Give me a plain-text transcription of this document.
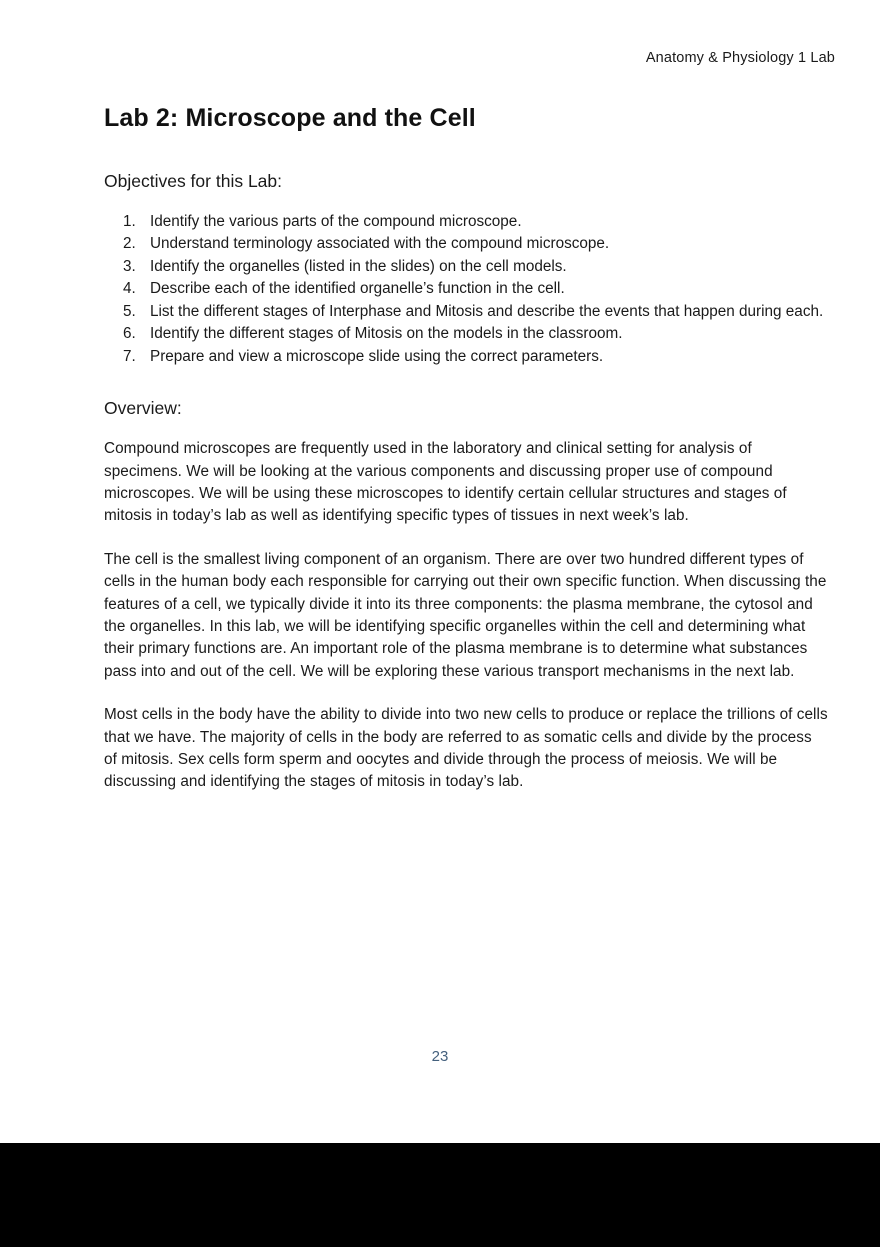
Anatomy & Physiology 1 Lab
Lab 2: Microscope and the Cell
Objectives for this Lab:
1. Identify the various parts of the compound microscope.
2. Understand terminology associated with the compound microscope.
3. Identify the organelles (listed in the slides) on the cell models.
4. Describe each of the identified organelle’s function in the cell.
5. List the different stages of Interphase and Mitosis and describe the events that happen during each.
6. Identify the different stages of Mitosis on the models in the classroom.
7. Prepare and view a microscope slide using the correct parameters.
Overview:

Compound microscopes are frequently used in the laboratory and clinical setting for analysis of specimens. We will be looking at the various components and discussing proper use of compound microscopes. We will be using these microscopes to identify certain cellular structures and stages of mitosis in today’s lab as well as identifying specific types of tissues in next week’s lab.

The cell is the smallest living component of an organism. There are over two hundred different types of cells in the human body each responsible for carrying out their own specific function. When discussing the features of a cell, we typically divide it into its three components: the plasma membrane, the cytosol and the organelles. In this lab, we will be identifying specific organelles within the cell and determining what their primary functions are. An important role of the plasma membrane is to determine what substances pass into and out of the cell. We will be exploring these various transport mechanisms in the next lab.

Most cells in the body have the ability to divide into two new cells to produce or replace the trillions of cells that we have. The majority of cells in the body are referred to as somatic cells and divide by the process of mitosis. Sex cells form sperm and oocytes and divide through the process of meiosis. We will be discussing and identifying the stages of mitosis in today’s lab.

23
